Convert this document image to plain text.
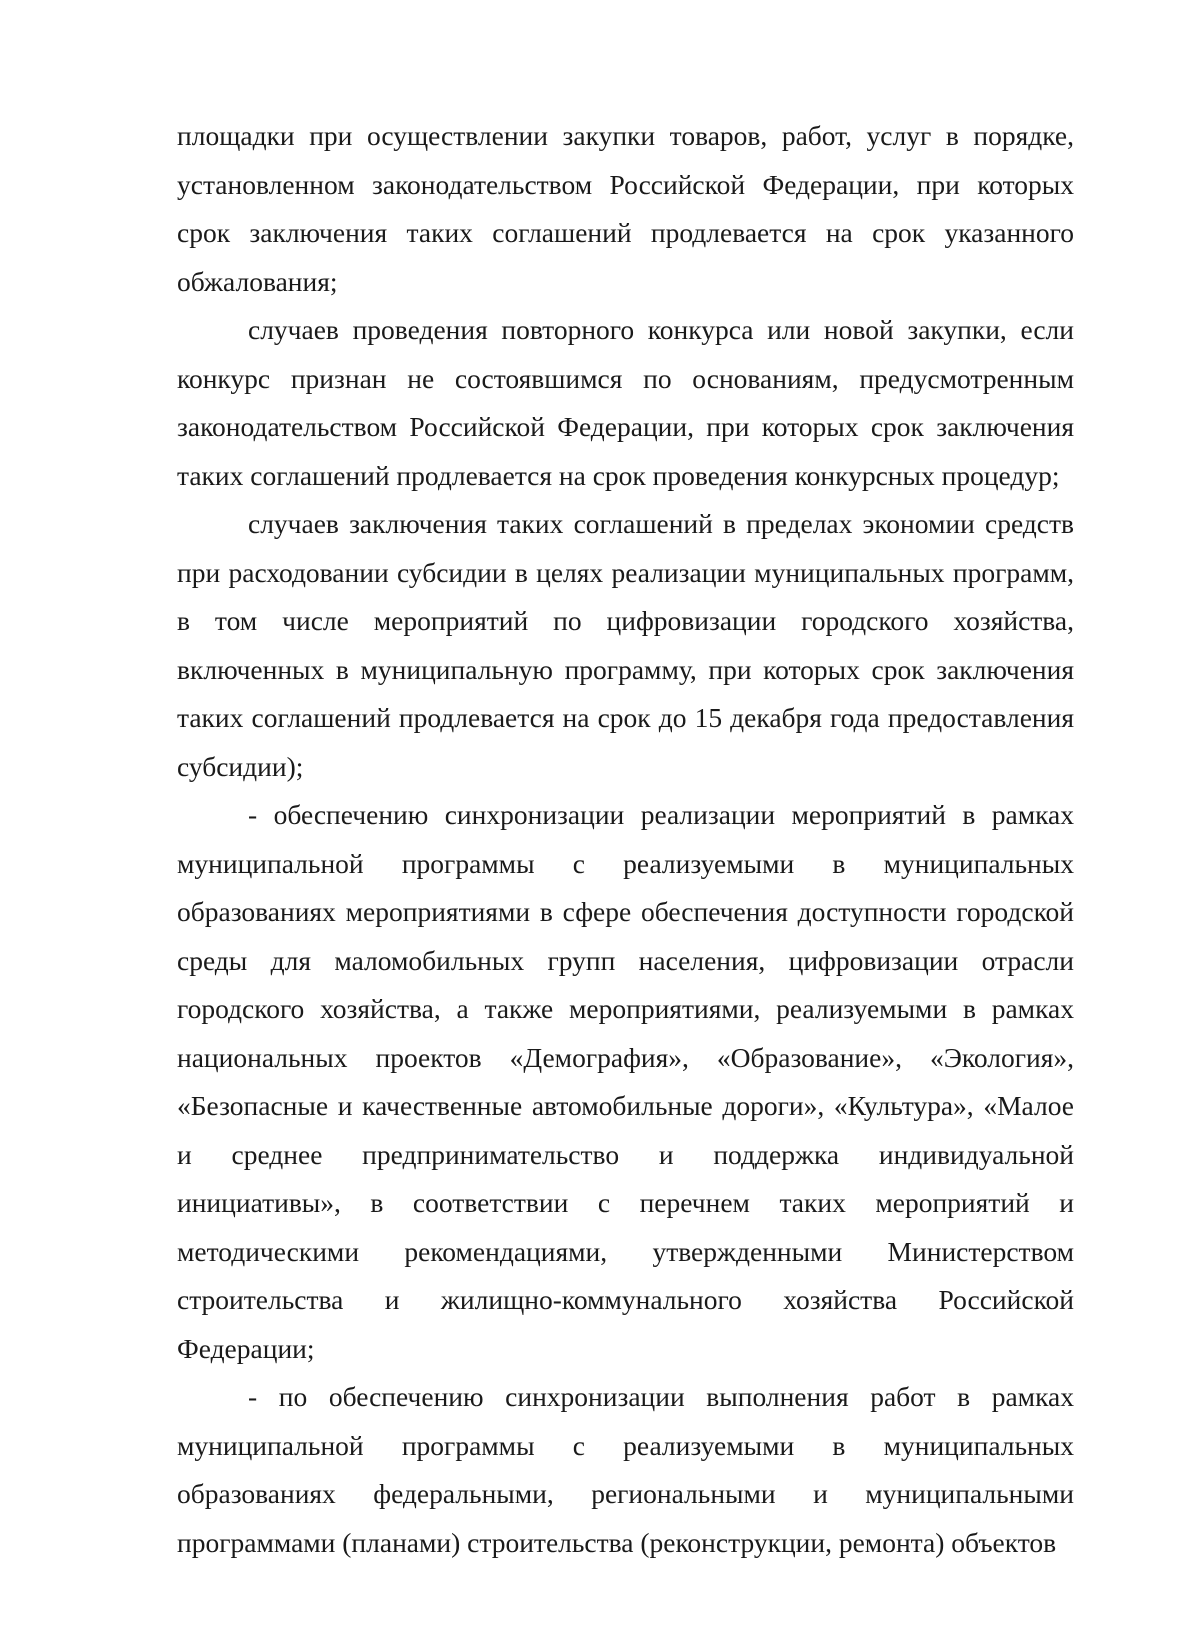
площадки при осуществлении закупки товаров, работ, услуг в порядке, установленном законодательством Российской Федерации, при которых срок заключения таких соглашений продлевается на срок указанного обжалования;

случаев проведения повторного конкурса или новой закупки, если конкурс признан не состоявшимся по основаниям, предусмотренным законодательством Российской Федерации, при которых срок заключения таких соглашений продлевается на срок проведения конкурсных процедур;

случаев заключения таких соглашений в пределах экономии средств при расходовании субсидии в целях реализации муниципальных программ, в том числе мероприятий по цифровизации городского хозяйства, включенных в муниципальную программу, при которых срок заключения таких соглашений продлевается на срок до 15 декабря года предоставления субсидии);

- обеспечению синхронизации реализации мероприятий в рамках муниципальной программы с реализуемыми в муниципальных образованиях мероприятиями в сфере обеспечения доступности городской среды для маломобильных групп населения, цифровизации отрасли городского хозяйства, а также мероприятиями, реализуемыми в рамках национальных проектов «Демография», «Образование», «Экология», «Безопасные и качественные автомобильные дороги», «Культура», «Малое и среднее предпринимательство и поддержка индивидуальной инициативы», в соответствии с перечнем таких мероприятий и методическими рекомендациями, утвержденными Министерством строительства и жилищно-коммунального хозяйства Российской Федерации;

- по обеспечению синхронизации выполнения работ в рамках муниципальной программы с реализуемыми в муниципальных образованиях федеральными, региональными и муниципальными программами (планами) строительства (реконструкции, ремонта) объектов
